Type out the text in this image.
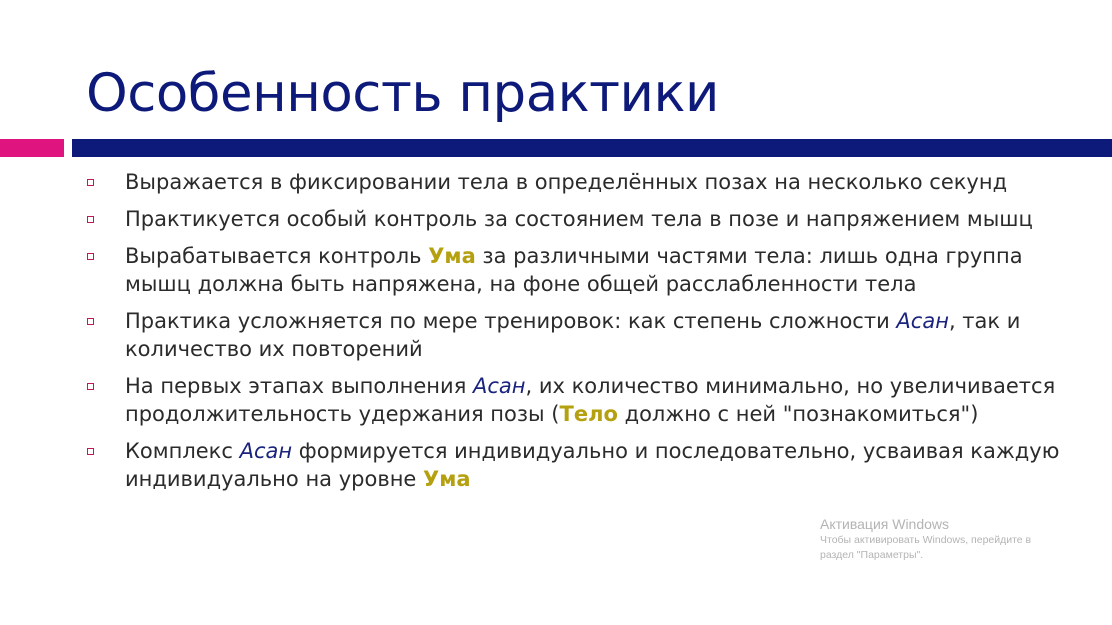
Особенность практики
Выражается в фиксировании тела в определённых позах на несколько секунд
Практикуется особый контроль за состоянием тела в позе и напряжением мышц
Вырабатывается контроль Ума за различными частями тела: лишь одна группа мышц должна быть напряжена, на фоне общей расслабленности тела
Практика усложняется по мере тренировок: как степень сложности Асан, так и количество их повторений
На первых этапах выполнения Асан, их количество минимально, но увеличивается продолжительность удержания позы (Тело должно с ней "познакомиться")
Комплекс Асан формируется индивидуально и последовательно, усваивая каждую индивидуально на уровне Ума
Активация Windows
Чтобы активировать Windows, перейдите в
раздел "Параметры".
